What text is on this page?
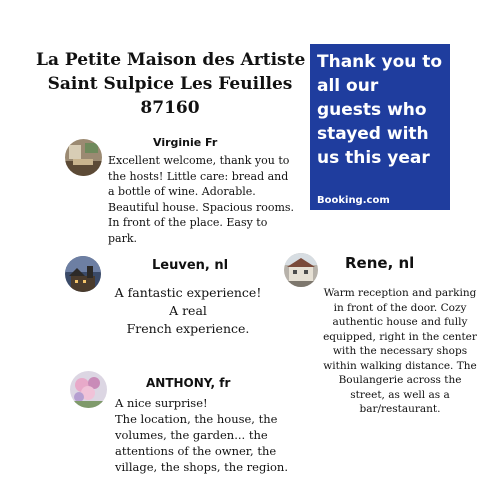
La Petite Maison des Artiste
Saint Sulpice Les Feuilles
87160
Thank you to all our guests who stayed with us this year
Booking.com
Virginie Fr
Excellent welcome, thank you to the hosts! Little care: bread and a bottle of wine. Adorable. Beautiful house. Spacious rooms. In front of the place. Easy to park.
Leuven, nl
A fantastic experience!
A real
French experience.
Rene, nl
Warm reception and parking in front of the door. Cozy authentic house and fully equipped, right in the center with the necessary shops within walking distance. The Boulangerie across the street, as well as a bar/restaurant.
ANTHONY, fr
A nice surprise!
The location, the house, the volumes, the garden... the attentions of the owner, the village, the shops, the region.
